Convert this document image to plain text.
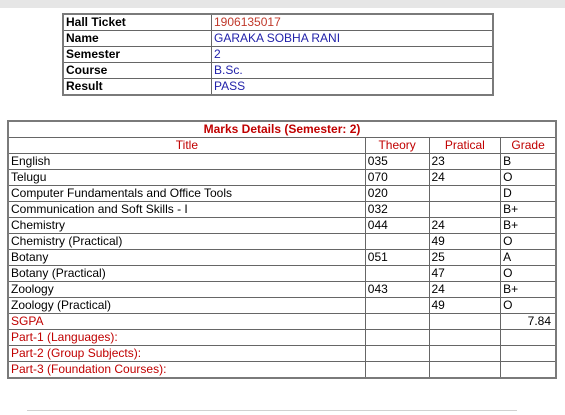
Hall Ticket	1906135017
Name	GARAKA SOBHA RANI
Semester	2
Course	B.Sc.
Result	PASS
Marks Details (Semester: 2)			
Title	Theory	Pratical	Grade
English	035	23	B
Telugu	070	24	O
Computer Fundamentals and Office Tools	020		D
Communication and Soft Skills - I	032		B+
Chemistry	044	24	B+
Chemistry (Practical)		49	O
Botany	051	25	A
Botany (Practical)		47	O
Zoology	043	24	B+
Zoology (Practical)		49	O
SGPA			7.84
Part-1 (Languages):			
Part-2 (Group Subjects):			
Part-3 (Foundation Courses):			
